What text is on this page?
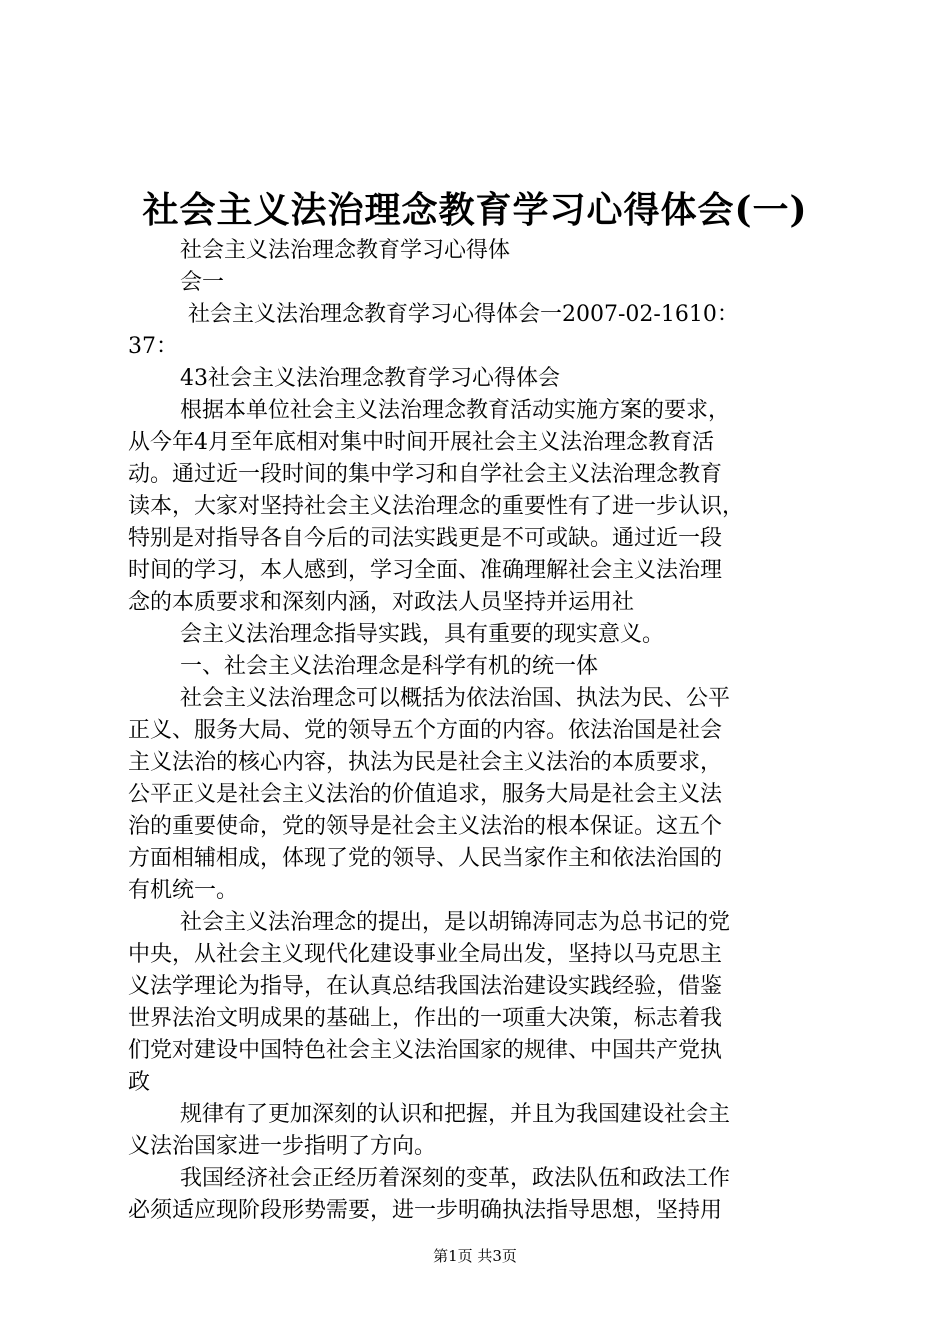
社会主义法治理念教育学习心得体会(一)
社会主义法治理念教育学习心得体
会一
社会主义法治理念教育学习心得体会一2007-02-1610：
37：
43社会主义法治理念教育学习心得体会
根据本单位社会主义法治理念教育活动实施方案的要求，
从今年4月至年底相对集中时间开展社会主义法治理念教育活
动。通过近一段时间的集中学习和自学社会主义法治理念教育
读本，大家对坚持社会主义法治理念的重要性有了进一步认识，
特别是对指导各自今后的司法实践更是不可或缺。通过近一段
时间的学习，本人感到，学习全面、准确理解社会主义法治理
念的本质要求和深刻内涵，对政法人员坚持并运用社
会主义法治理念指导实践，具有重要的现实意义。
一、社会主义法治理念是科学有机的统一体
社会主义法治理念可以概括为依法治国、执法为民、公平
正义、服务大局、党的领导五个方面的内容。依法治国是社会
主义法治的核心内容，执法为民是社会主义法治的本质要求，
公平正义是社会主义法治的价值追求，服务大局是社会主义法
治的重要使命，党的领导是社会主义法治的根本保证。这五个
方面相辅相成，体现了党的领导、人民当家作主和依法治国的
有机统一。
社会主义法治理念的提出，是以胡锦涛同志为总书记的党
中央，从社会主义现代化建设事业全局出发，坚持以马克思主
义法学理论为指导，在认真总结我国法治建设实践经验，借鉴
世界法治文明成果的基础上，作出的一项重大决策，标志着我
们党对建设中国特色社会主义法治国家的规律、中国共产党执
政
规律有了更加深刻的认识和把握，并且为我国建设社会主
义法治国家进一步指明了方向。
我国经济社会正经历着深刻的变革，政法队伍和政法工作
必须适应现阶段形势需要，进一步明确执法指导思想，坚持用
第1页 共3页
